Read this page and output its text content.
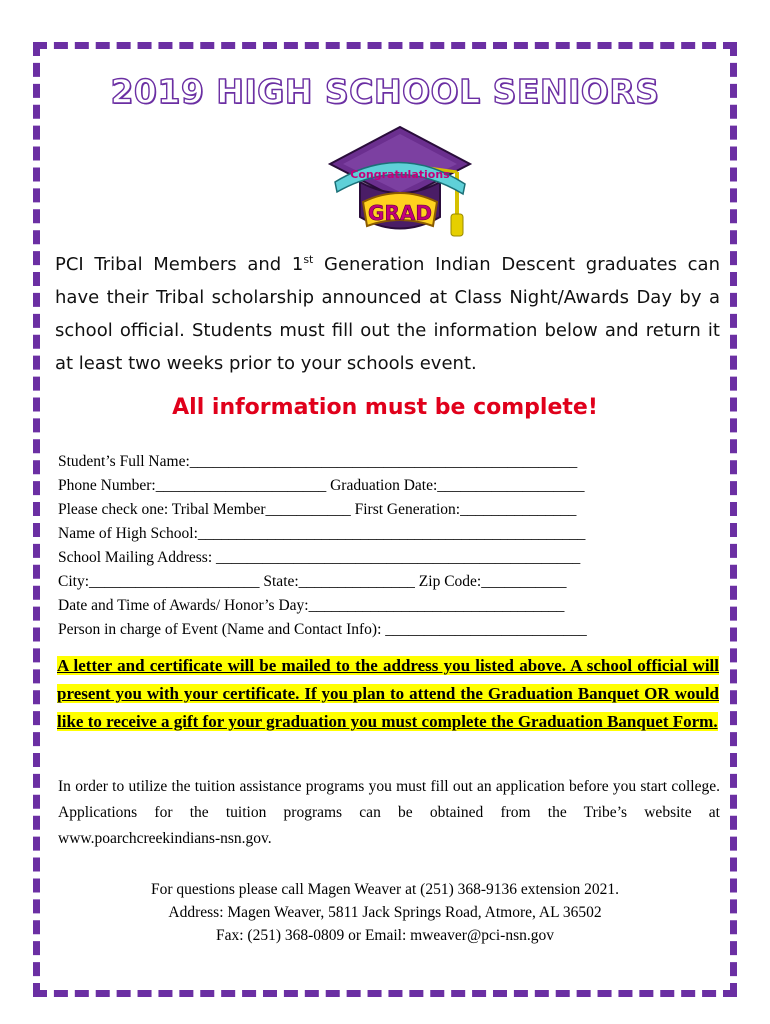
2019 HIGH SCHOOL SENIORS
Congratulations
GRAD
PCI Tribal Members and 1st Generation Indian Descent graduates can have their Tribal scholarship announced at Class Night/Awards Day by a school official. Students must fill out the information below and return it at least two weeks prior to your schools event.
All information must be complete!
Student’s Full Name:__________________________________________________
Phone Number:______________________ Graduation Date:___________________
Please check one: Tribal Member___________ First Generation:_______________
Name of High School:__________________________________________________
School Mailing Address: _______________________________________________
City:______________________ State:_______________ Zip Code:___________
Date and Time of Awards/ Honor’s Day:_________________________________
Person in charge of Event (Name and Contact Info): __________________________
A letter and certificate will be mailed to the address you listed above. A school official will present you with your certificate. If you plan to attend the Graduation Banquet OR would like to receive a gift for your graduation you must complete the Graduation Banquet Form.
In order to utilize the tuition assistance programs you must fill out an application before you start college. Applications for the tuition programs can be obtained from the Tribe’s website at www.poarchcreekindians-nsn.gov.
For questions please call Magen Weaver at (251) 368-9136 extension 2021.
Address: Magen Weaver, 5811 Jack Springs Road, Atmore, AL 36502
Fax: (251) 368-0809 or Email: mweaver@pci-nsn.gov
